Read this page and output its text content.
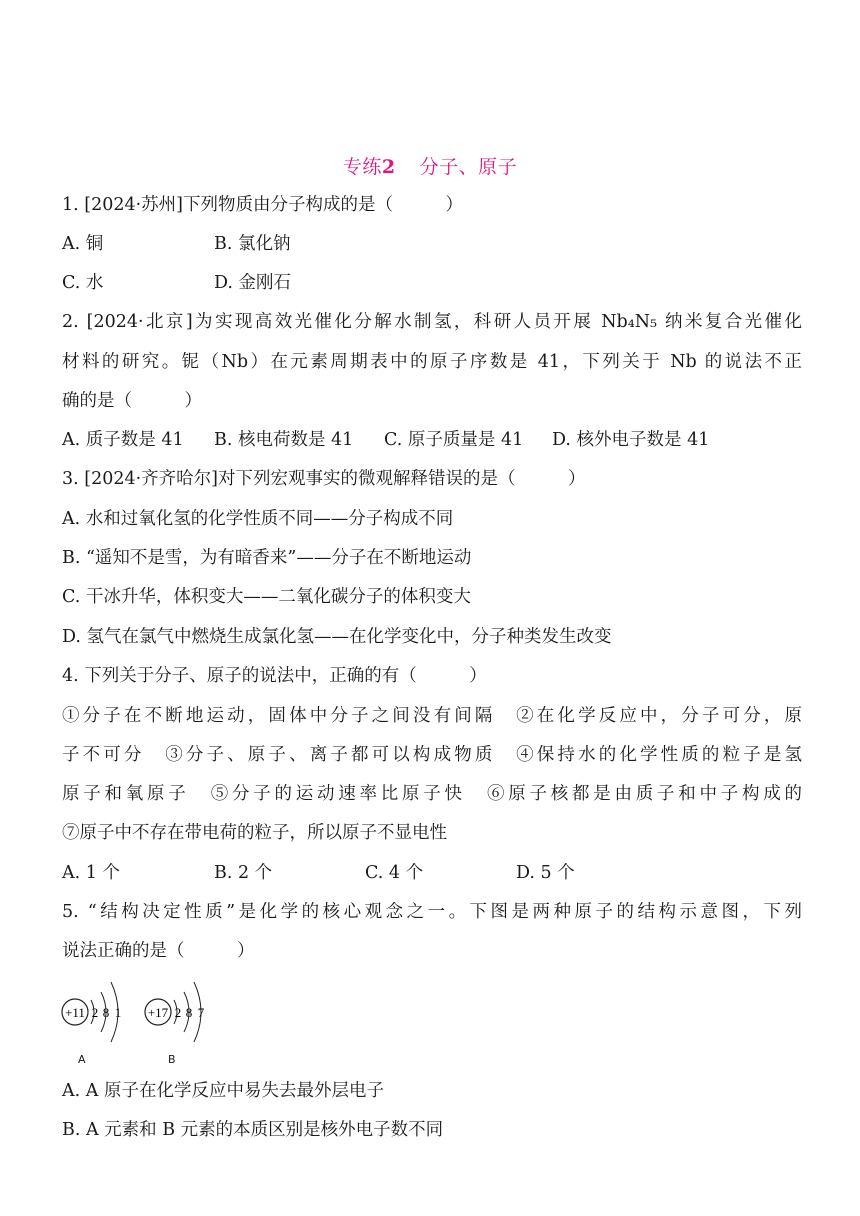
专练2 分子、原子
1. [2024·苏州]下列物质由分子构成的是（　　　）
A. 铜	B. 氯化钠
C. 水	D. 金刚石
2. [2024·北京]为实现高效光催化分解水制氢，科研人员开展 Nb₄N₅ 纳米复合光催化
材料的研究。铌（Nb）在元素周期表中的原子序数是 41，下列关于 Nb 的说法不正
确的是（　　　）
A. 质子数是 41 B. 核电荷数是 41 C. 原子质量是 41 D. 核外电子数是 41
3. [2024·齐齐哈尔]对下列宏观事实的微观解释错误的是（　　　）
A. 水和过氧化氢的化学性质不同——分子构成不同
B. “遥知不是雪，为有暗香来”——分子在不断地运动
C. 干冰升华，体积变大——二氧化碳分子的体积变大
D. 氢气在氯气中燃烧生成氯化氢——在化学变化中，分子种类发生改变
4. 下列关于分子、原子的说法中，正确的有（　　　）
①分子在不断地运动，固体中分子之间没有间隔　②在化学反应中，分子可分，原
子不可分　③分子、原子、离子都可以构成物质　④保持水的化学性质的粒子是氢
原子和氧原子　⑤分子的运动速率比原子快　⑥原子核都是由质子和中子构成的
⑦原子中不存在带电荷的粒子，所以原子不显电性
A. 1 个	B. 2 个	C. 4 个	D. 5 个
5. “结构决定性质”是化学的核心观念之一。下图是两种原子的结构示意图，下列
说法正确的是（　　　）
+11 2 8 1 +17 2 8 7
A	B
A. A 原子在化学反应中易失去最外层电子
B. A 元素和 B 元素的本质区别是核外电子数不同
